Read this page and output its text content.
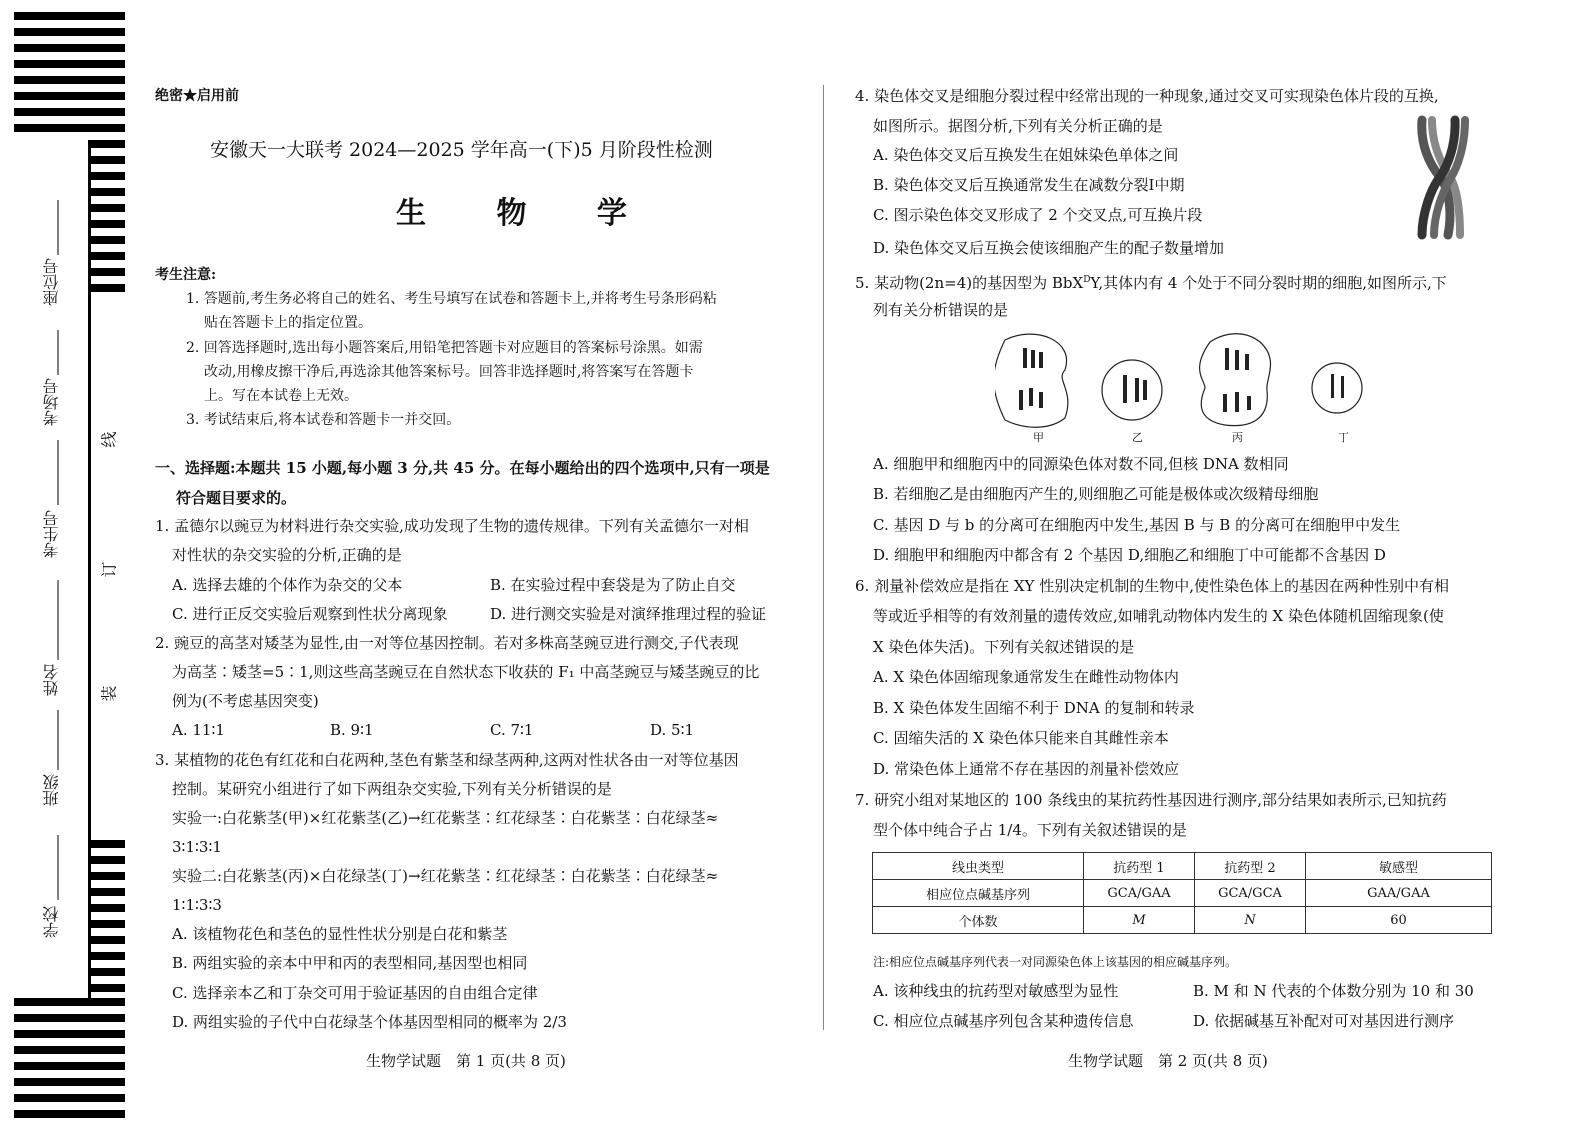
座位号
考场号
考生号
姓名
班级
学校
线
订
装
绝密★启用前
安徽天一大联考 2024—2025 学年高一(下)5 月阶段性检测
生 物 学
考生注意:
1. 答题前,考生务必将自己的姓名、考生号填写在试卷和答题卡上,并将考生号条形码粘
贴在答题卡上的指定位置。
2. 回答选择题时,选出每小题答案后,用铅笔把答题卡对应题目的答案标号涂黑。如需
改动,用橡皮擦干净后,再选涂其他答案标号。回答非选择题时,将答案写在答题卡
上。写在本试卷上无效。
3. 考试结束后,将本试卷和答题卡一并交回。
一、选择题:本题共 15 小题,每小题 3 分,共 45 分。在每小题给出的四个选项中,只有一项是
符合题目要求的。
1. 孟德尔以豌豆为材料进行杂交实验,成功发现了生物的遗传规律。下列有关孟德尔一对相
对性状的杂交实验的分析,正确的是
A. 选择去雄的个体作为杂交的父本	B. 在实验过程中套袋是为了防止自交
C. 进行正反交实验后观察到性状分离现象	D. 进行测交实验是对演绎推理过程的验证
2. 豌豆的高茎对矮茎为显性,由一对等位基因控制。若对多株高茎豌豆进行测交,子代表现
为高茎∶矮茎=5∶1,则这些高茎豌豆在自然状态下收获的 F₁ 中高茎豌豆与矮茎豌豆的比
例为(不考虑基因突变)
A. 11∶1	B. 9∶1	C. 7∶1	D. 5∶1
3. 某植物的花色有红花和白花两种,茎色有紫茎和绿茎两种,这两对性状各由一对等位基因
控制。某研究小组进行了如下两组杂交实验,下列有关分析错误的是
实验一:白花紫茎(甲)×红花紫茎(乙)→红花紫茎∶红花绿茎∶白花紫茎∶白花绿茎≈
3∶1∶3∶1
实验二:白花紫茎(丙)×白花绿茎(丁)→红花紫茎∶红花绿茎∶白花紫茎∶白花绿茎≈
1∶1∶3∶3
A. 该植物花色和茎色的显性性状分别是白花和紫茎
B. 两组实验的亲本中甲和丙的表型相同,基因型也相同
C. 选择亲本乙和丁杂交可用于验证基因的自由组合定律
D. 两组实验的子代中白花绿茎个体基因型相同的概率为 2/3
生物学试题　第 1 页(共 8 页)
4. 染色体交叉是细胞分裂过程中经常出现的一种现象,通过交叉可实现染色体片段的互换,
如图所示。据图分析,下列有关分析正确的是
A. 染色体交叉后互换发生在姐妹染色单体之间
B. 染色体交叉后互换通常发生在减数分裂Ⅰ中期
C. 图示染色体交叉形成了 2 个交叉点,可互换片段
D. 染色体交叉后互换会使该细胞产生的配子数量增加
5. 某动物(2n=4)的基因型为 BbX$^D$Y,其体内有 4 个处于不同分裂时期的细胞,如图所示,下
列有关分析错误的是
甲	乙	丙	丁
A. 细胞甲和细胞丙中的同源染色体对数不同,但核 DNA 数相同
B. 若细胞乙是由细胞丙产生的,则细胞乙可能是极体或次级精母细胞
C. 基因 D 与 b 的分离可在细胞丙中发生,基因 B 与 B 的分离可在细胞甲中发生
D. 细胞甲和细胞丙中都含有 2 个基因 D,细胞乙和细胞丁中可能都不含基因 D
6. 剂量补偿效应是指在 XY 性别决定机制的生物中,使性染色体上的基因在两种性别中有相
等或近乎相等的有效剂量的遗传效应,如哺乳动物体内发生的 X 染色体随机固缩现象(使
X 染色体失活)。下列有关叙述错误的是
A. X 染色体固缩现象通常发生在雌性动物体内
B. X 染色体发生固缩不利于 DNA 的复制和转录
C. 固缩失活的 X 染色体只能来自其雌性亲本
D. 常染色体上通常不存在基因的剂量补偿效应
7. 研究小组对某地区的 100 条线虫的某抗药性基因进行测序,部分结果如表所示,已知抗药
型个体中纯合子占 1/4。下列有关叙述错误的是
线虫类型	抗药型 1	抗药型 2	敏感型
相应位点碱基序列	GCA/GAA	GCA/GCA	GAA/GAA
个体数	M	N	60
注:相应位点碱基序列代表一对同源染色体上该基因的相应碱基序列。
A. 该种线虫的抗药型对敏感型为显性	B. M 和 N 代表的个体数分别为 10 和 30
C. 相应位点碱基序列包含某种遗传信息	D. 依据碱基互补配对可对基因进行测序
生物学试题　第 2 页(共 8 页)
